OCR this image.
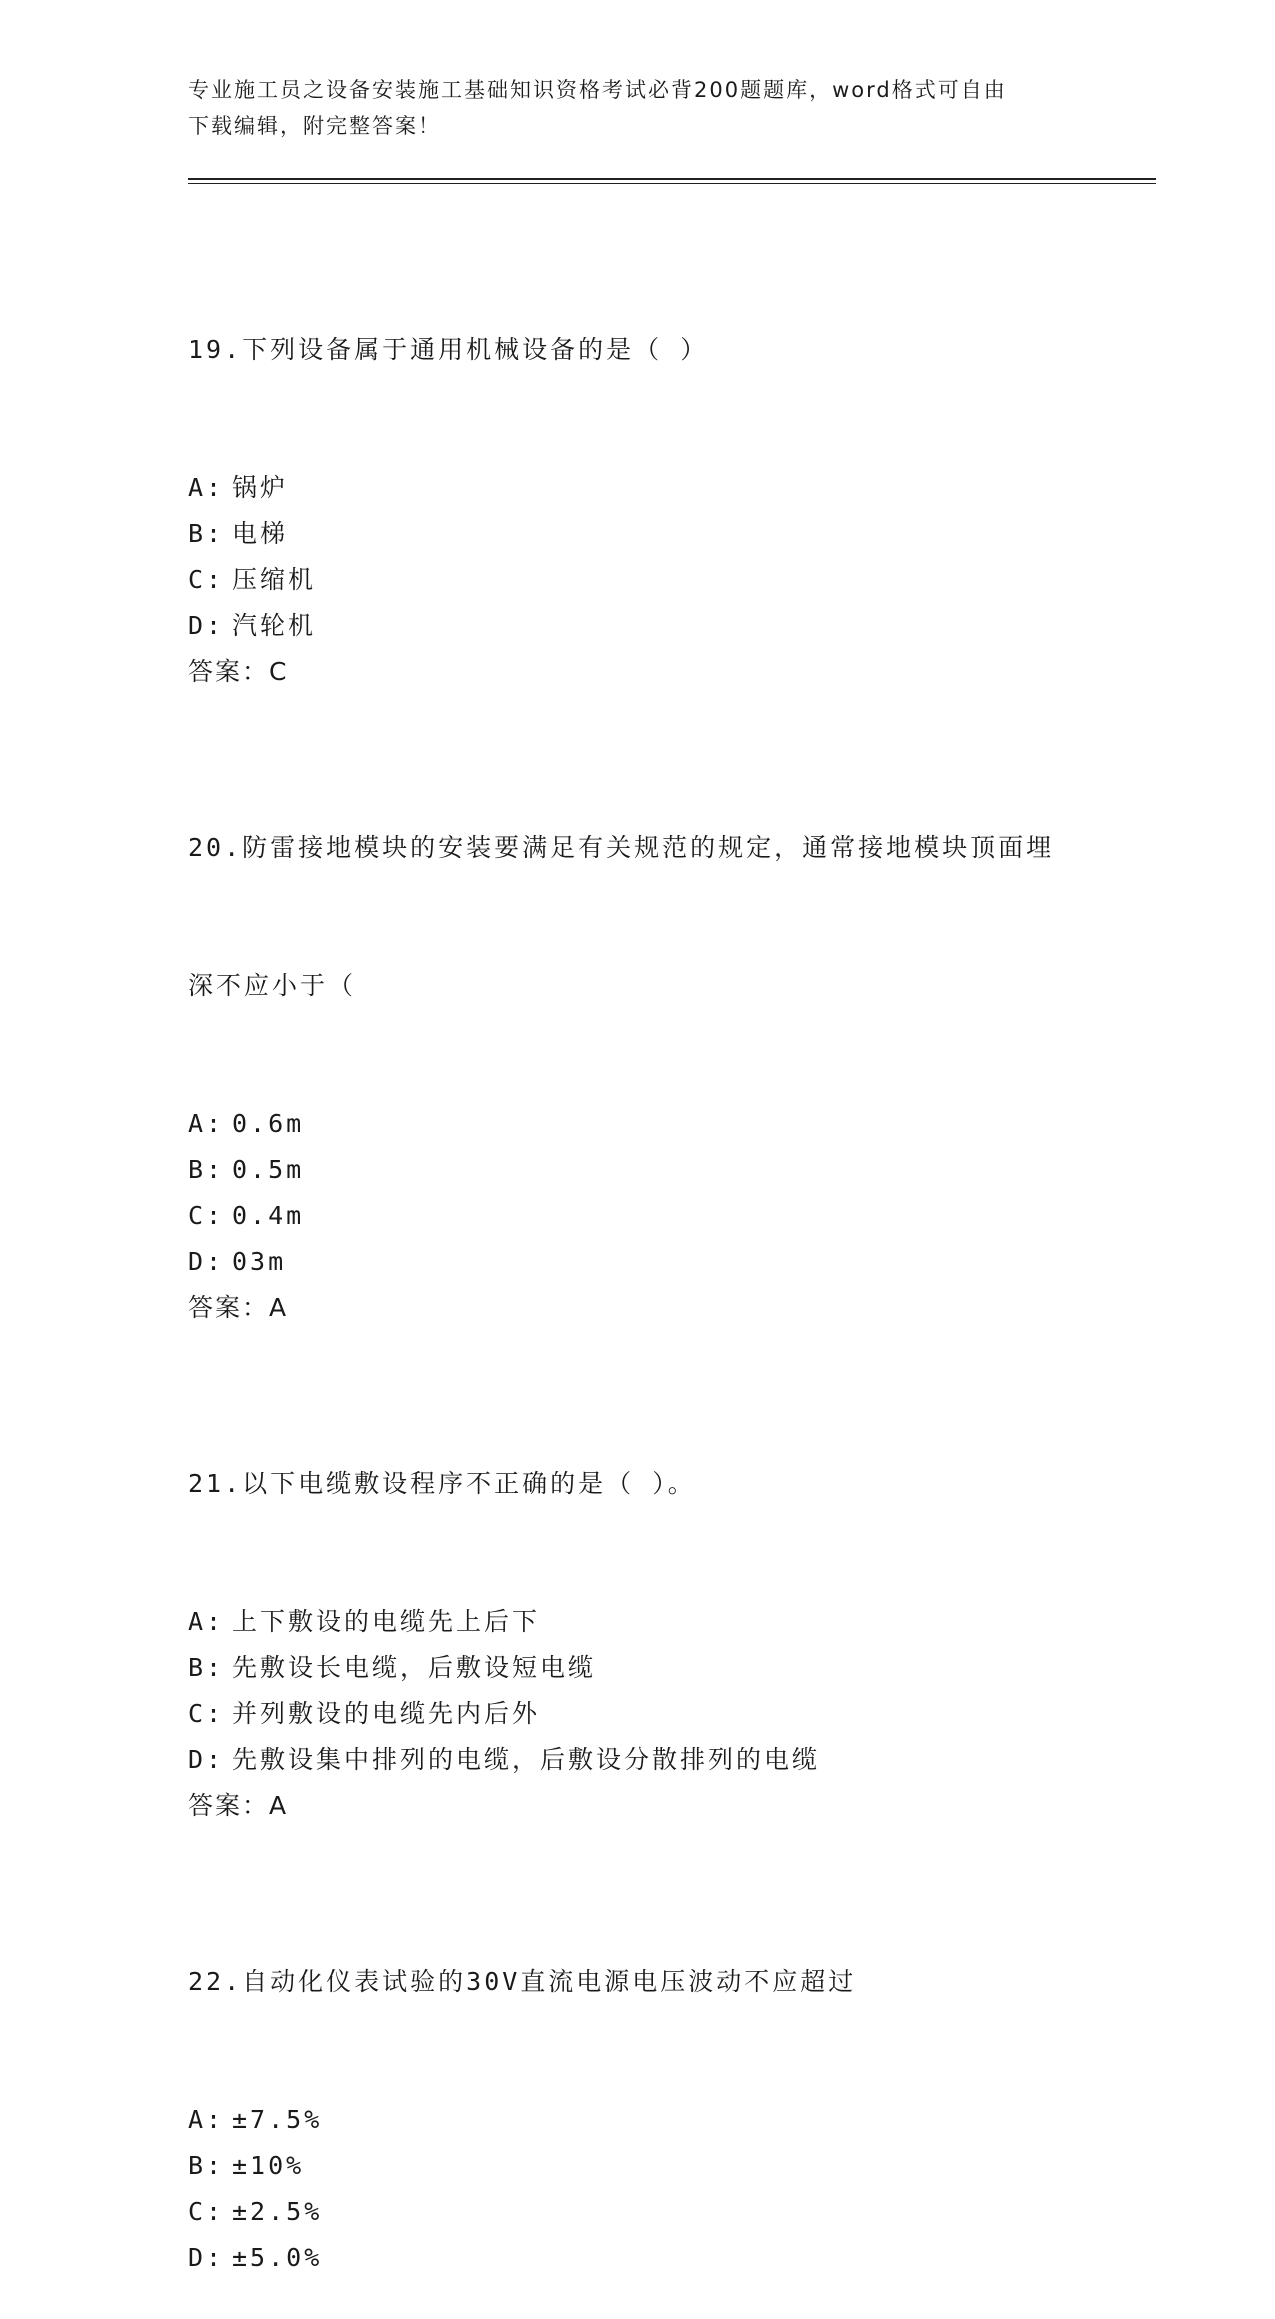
专业施工员之设备安装施工基础知识资格考试必背200题题库，word格式可自由
下载编辑，附完整答案！

19.下列设备属于通用机械设备的是（ ）

A: 锅炉
B: 电梯
C: 压缩机
D: 汽轮机
答案：C

20.防雷接地模块的安装要满足有关规范的规定，通常接地模块顶面埋

深不应小于（

A: 0.6m
B: 0.5m
C: 0.4m
D: 03m
答案：A

21.以下电缆敷设程序不正确的是（ ）。

A: 上下敷设的电缆先上后下
B: 先敷设长电缆，后敷设短电缆
C: 并列敷设的电缆先内后外
D: 先敷设集中排列的电缆，后敷设分散排列的电缆
答案：A

22.自动化仪表试验的30V直流电源电压波动不应超过

A: ±7.5%
B: ±10%
C: ±2.5%
D: ±5.0%
